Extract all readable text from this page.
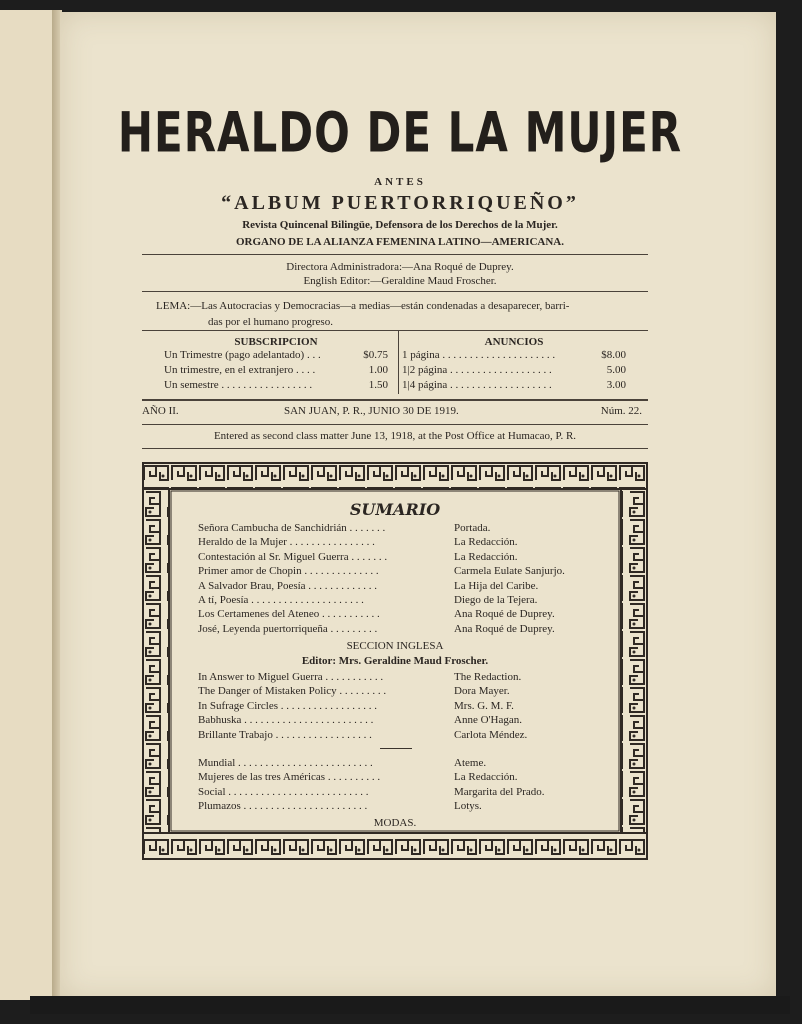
HERALDO DE LA MUJER
ANTES
“ALBUM PUERTORRIQUEÑO”
Revista Quincenal Bilingüe, Defensora de los Derechos de la Mujer.
ORGANO DE LA ALIANZA FEMENINA LATINO—AMERICANA.
Directora Administradora:—Ana Roqué de Duprey.
English Editor:—Geraldine Maud Froscher.
LEMA:—Las Autocracias y Democracias—a medias—están condenadas a desaparecer, barri-
das por el humano progreso.
SUBSCRIPCION
Un Trimestre (pago adelantado) . . .	$0.75
Un trimestre, en el extranjero . . . .	1.00
Un semestre . . . . . . . . . . . . . . . . .	1.50
ANUNCIOS
1 página . . . . . . . . . . . . . . . . . . . . .	$8.00
1|2 página . . . . . . . . . . . . . . . . . . .	5.00
1|4 página . . . . . . . . . . . . . . . . . . .	3.00
AÑO II.	SAN JUAN, P. R., JUNIO 30 DE 1919.	Núm. 22.
Entered as second class matter June 13, 1918, at the Post Office at Humacao, P. R.
SUMARIO
Señora Cambucha de Sanchidrián . . . . . . .	Portada.
Heraldo de la Mujer . . . . . . . . . . . . . . . .	La Redacción.
Contestación al Sr. Miguel Guerra . . . . . . .	La Redacción.
Primer amor de Chopin . . . . . . . . . . . . . .	Carmela Eulate Sanjurjo.
A Salvador Brau, Poesía . . . . . . . . . . . . .	La Hija del Caribe.
A tí, Poesía . . . . . . . . . . . . . . . . . . . . .	Diego de la Tejera.
Los Certamenes del Ateneo . . . . . . . . . . .	Ana Roqué de Duprey.
José, Leyenda puertorriqueña . . . . . . . . .	Ana Roqué de Duprey.
SECCION INGLESA
Editor: Mrs. Geraldine Maud Froscher.
In Answer to Miguel Guerra . . . . . . . . . . .	The Redaction.
The Danger of Mistaken Policy . . . . . . . . .	Dora Mayer.
In Sufrage Circles . . . . . . . . . . . . . . . . . .	Mrs. G. M. F.
Babhuska . . . . . . . . . . . . . . . . . . . . . . . .	Anne O'Hagan.
Brillante Trabajo . . . . . . . . . . . . . . . . . .	Carlota Méndez.
Mundial . . . . . . . . . . . . . . . . . . . . . . . . .	Ateme.
Mujeres de las tres Américas . . . . . . . . . .	La Redacción.
Social . . . . . . . . . . . . . . . . . . . . . . . . . .	Margarita del Prado.
Plumazos . . . . . . . . . . . . . . . . . . . . . . .	Lotys.
MODAS.
